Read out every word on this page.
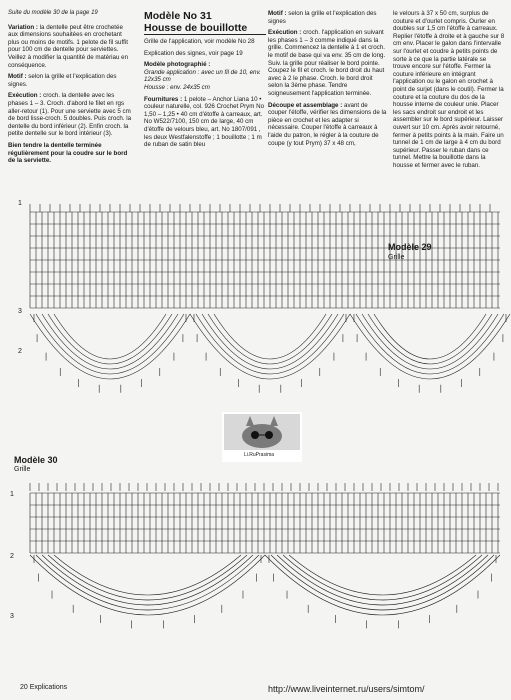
Suite du modèle 30 de la page 19

Variation : la dentelle peut être crochetée aux dimensions souhaitées en crochetant plus ou moins de motifs. 1 pelote de fil suffit pour 100 cm de dentelle pour serviettes. Veillez à modifier la quantité de matériau en conséquence.

Motif : selon la grille et l'explication des signes.

Exécution : croch. la dentelle avec les phases 1 – 3. Croch. d'abord le filet en rgs aller-retour (1). Pour une serviette avec 5 cm de bord lisse-croch. 5 doubles. Puis croch. la dentelle du bord inférieur (2). Enfin croch. la petite dentelle sur le bord intérieur (3).

Bien tendre la dentelle terminée régulièrement pour la coudre sur le bord de la serviette.

Modèle No 31

Housse de bouillotte

Grille de l'application, voir modèle No 28

Explication des signes, voir page 19

Modèle photographié :

Grande application : avec un fil de 10, env. 12x35 cm

Housse : env. 24x35 cm

Fournitures : 1 pelote – Anchor Liana 10 • couleur naturelle, col. 926 Crochet Prym No 1,50 – 1,25 • 40 cm d'étoffe à carreaux, art. No W522/7100, 150 cm de large, 40 cm d'étoffe de velours bleu, art. No 1807/091 , les deux Westfalenstoffe ; 1 bouillotte ; 1 m de ruban de satin bleu

Motif : selon la grille et l'explication des signes

Exécution : croch. l'application en suivant les phases 1 – 3 comme indiqué dans la grille. Commencez la dentelle à 1 et croch. le motif de base qui va env. 35 cm de long. Suiv. la grille pour réaliser le bord pointe. Coupez le fil et croch. le bord droit du haut avec à 2 le phase. Croch. le bord droit selon la 3ème phase. Tendre soigneusement l'application terminée.

Découpe et assemblage : avant de couper l'étoffe, vérifier les dimensions de la pièce en crochet et les adapter si nécessaire. Couper l'étoffe à carreaux à l'aide du patron, le régler à la couture de coupe (y tout Prym) 37 x 48 cm,

le velours à 37 x 50 cm, surplus de couture et d'ourlet compris. Ourler en doubles sur 1,5 cm l'étoffe à carreaux. Replier l'étoffe à droite et à gauche sur 8 cm env. Placer le galon dans l'intervalle sur l'ourlet et coudre à petits points de sorte à ce que la partie latérale se trouve encore sur l'étoffe. Fermer la couture inférieure en intégrant l'application ou le galon en crochet à point de surjet (dans le coutil). Fermer la couture et la couture du dos de la housse interne de couleur unie. Placer les sacs endroit sur endroit et les assembler sur le bord supérieur. Laisser ouvert sur 10 cm. Après avoir retourné, fermer à petits points à la main. Faire un tunnel de 1 cm de large à 4 cm du bord supérieur. Passer le ruban dans ce tunnel. Mettre la bouillotte dans la housse et fermer avec le ruban.

Modèle 29
Grille
1
2
3
Li.RuPrasima
Modèle 30
Grille
1
2
3
20 Explications	http://www.liveinternet.ru/users/simtom/
